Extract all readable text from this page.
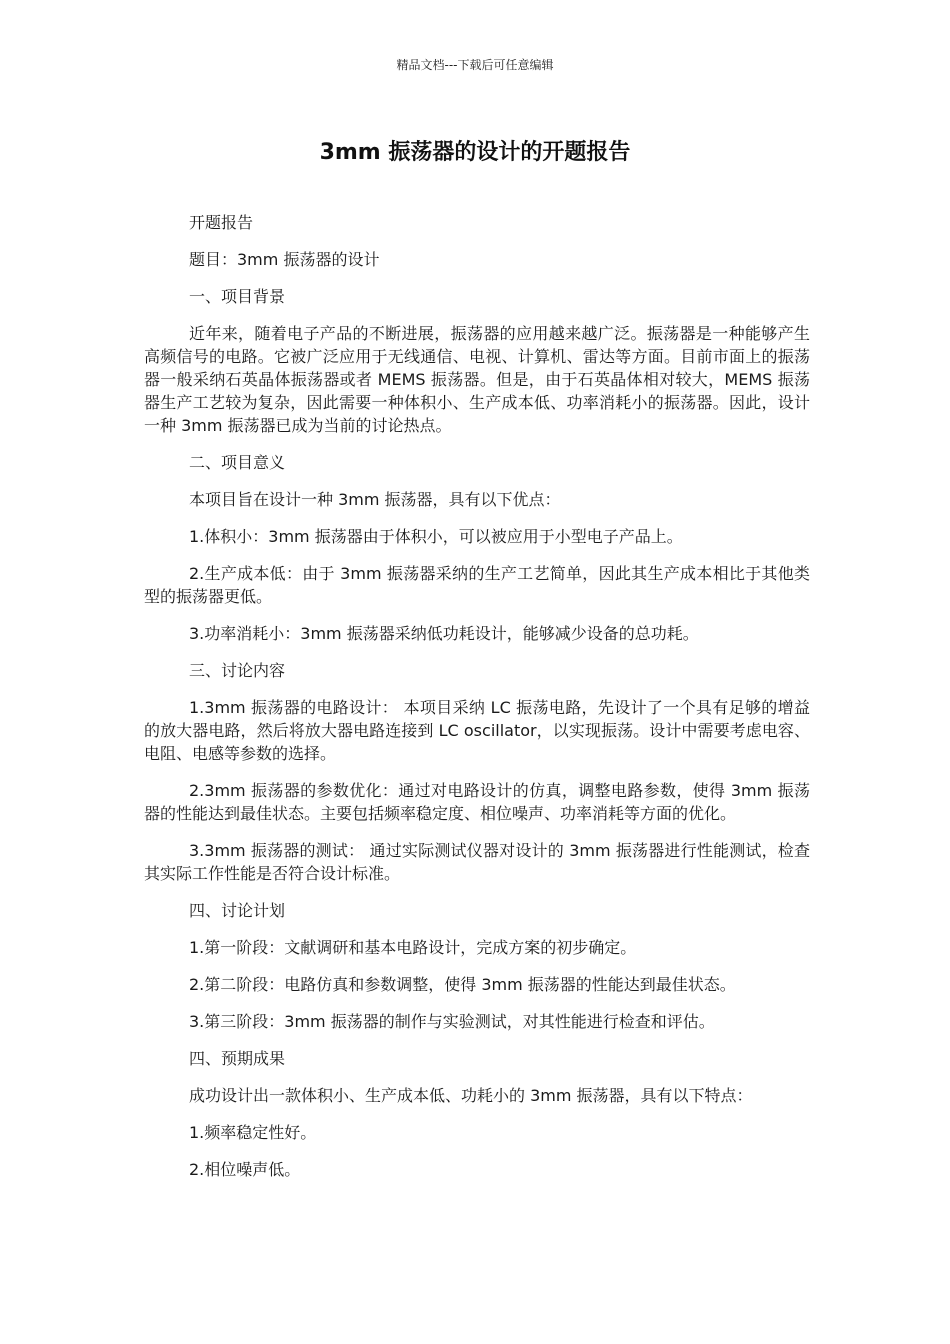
精品文档---下载后可任意编辑
3mm 振荡器的设计的开题报告

开题报告

题目：3mm 振荡器的设计

一、项目背景

近年来，随着电子产品的不断进展，振荡器的应用越来越广泛。振荡器是一种能够产生高频信号的电路。它被广泛应用于无线通信、电视、计算机、雷达等方面。目前市面上的振荡器一般采纳石英晶体振荡器或者 MEMS 振荡器。但是，由于石英晶体相对较大，MEMS 振荡器生产工艺较为复杂，因此需要一种体积小、生产成本低、功率消耗小的振荡器。因此，设计一种 3mm 振荡器已成为当前的讨论热点。

二、项目意义

本项目旨在设计一种 3mm 振荡器，具有以下优点：

1.体积小：3mm 振荡器由于体积小，可以被应用于小型电子产品上。

2.生产成本低：由于 3mm 振荡器采纳的生产工艺简单，因此其生产成本相比于其他类型的振荡器更低。

3.功率消耗小：3mm 振荡器采纳低功耗设计，能够减少设备的总功耗。

三、讨论内容

1.3mm 振荡器的电路设计： 本项目采纳 LC 振荡电路，先设计了一个具有足够的增益的放大器电路，然后将放大器电路连接到 LC oscillator，以实现振荡。设计中需要考虑电容、电阻、电感等参数的选择。

2.3mm 振荡器的参数优化：通过对电路设计的仿真，调整电路参数，使得 3mm 振荡器的性能达到最佳状态。主要包括频率稳定度、相位噪声、功率消耗等方面的优化。

3.3mm 振荡器的测试： 通过实际测试仪器对设计的 3mm 振荡器进行性能测试，检查其实际工作性能是否符合设计标准。

四、讨论计划

1.第一阶段：文献调研和基本电路设计，完成方案的初步确定。

2.第二阶段：电路仿真和参数调整，使得 3mm 振荡器的性能达到最佳状态。

3.第三阶段：3mm 振荡器的制作与实验测试，对其性能进行检查和评估。

四、预期成果

成功设计出一款体积小、生产成本低、功耗小的 3mm 振荡器，具有以下特点：

1.频率稳定性好。

2.相位噪声低。
